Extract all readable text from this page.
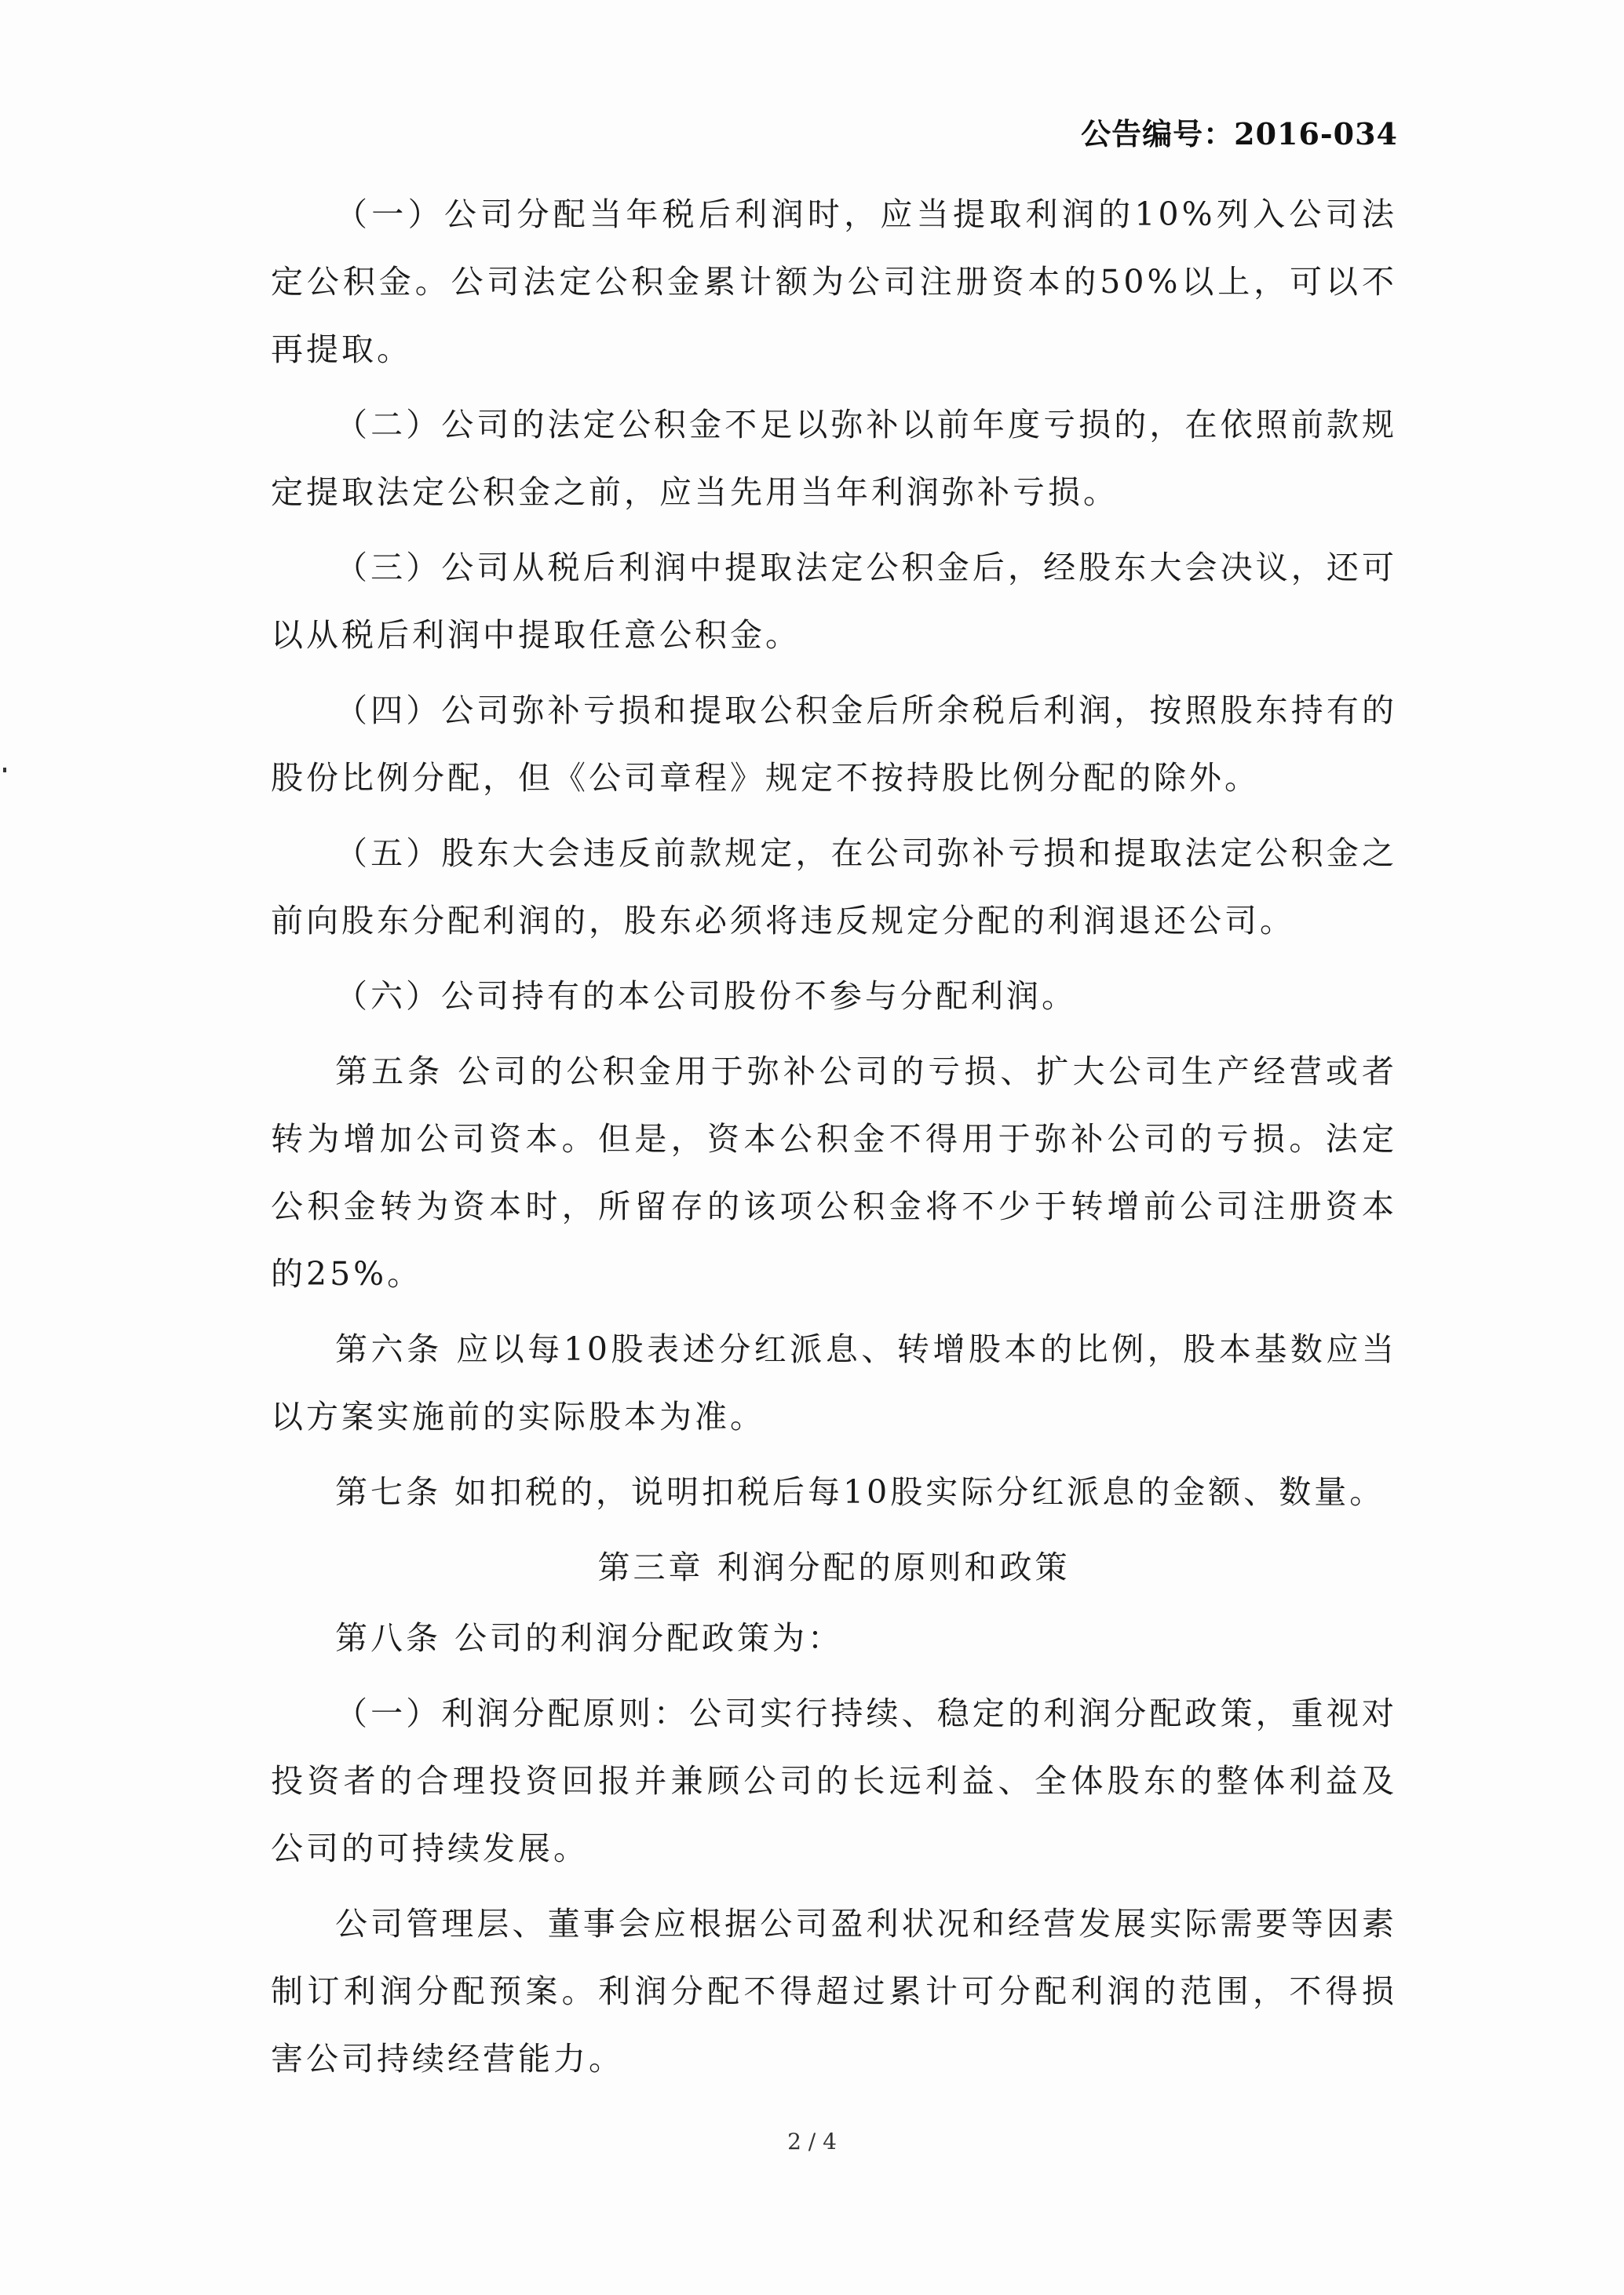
公告编号：2016-034

（一）公司分配当年税后利润时，应当提取利润的10%列入公司法定公积金。公司法定公积金累计额为公司注册资本的50%以上，可以不再提取。

（二）公司的法定公积金不足以弥补以前年度亏损的，在依照前款规定提取法定公积金之前，应当先用当年利润弥补亏损。

（三）公司从税后利润中提取法定公积金后，经股东大会决议，还可以从税后利润中提取任意公积金。

（四）公司弥补亏损和提取公积金后所余税后利润，按照股东持有的股份比例分配，但《公司章程》规定不按持股比例分配的除外。

（五）股东大会违反前款规定，在公司弥补亏损和提取法定公积金之前向股东分配利润的，股东必须将违反规定分配的利润退还公司。

（六）公司持有的本公司股份不参与分配利润。

第五条 公司的公积金用于弥补公司的亏损、扩大公司生产经营或者转为增加公司资本。但是，资本公积金不得用于弥补公司的亏损。法定公积金转为资本时，所留存的该项公积金将不少于转增前公司注册资本的25%。

第六条 应以每10股表述分红派息、转增股本的比例，股本基数应当以方案实施前的实际股本为准。

第七条 如扣税的，说明扣税后每10股实际分红派息的金额、数量。

第三章 利润分配的原则和政策

第八条 公司的利润分配政策为：

（一）利润分配原则：公司实行持续、稳定的利润分配政策，重视对投资者的合理投资回报并兼顾公司的长远利益、全体股东的整体利益及公司的可持续发展。

公司管理层、董事会应根据公司盈利状况和经营发展实际需要等因素制订利润分配预案。利润分配不得超过累计可分配利润的范围，不得损害公司持续经营能力。

2 / 4
